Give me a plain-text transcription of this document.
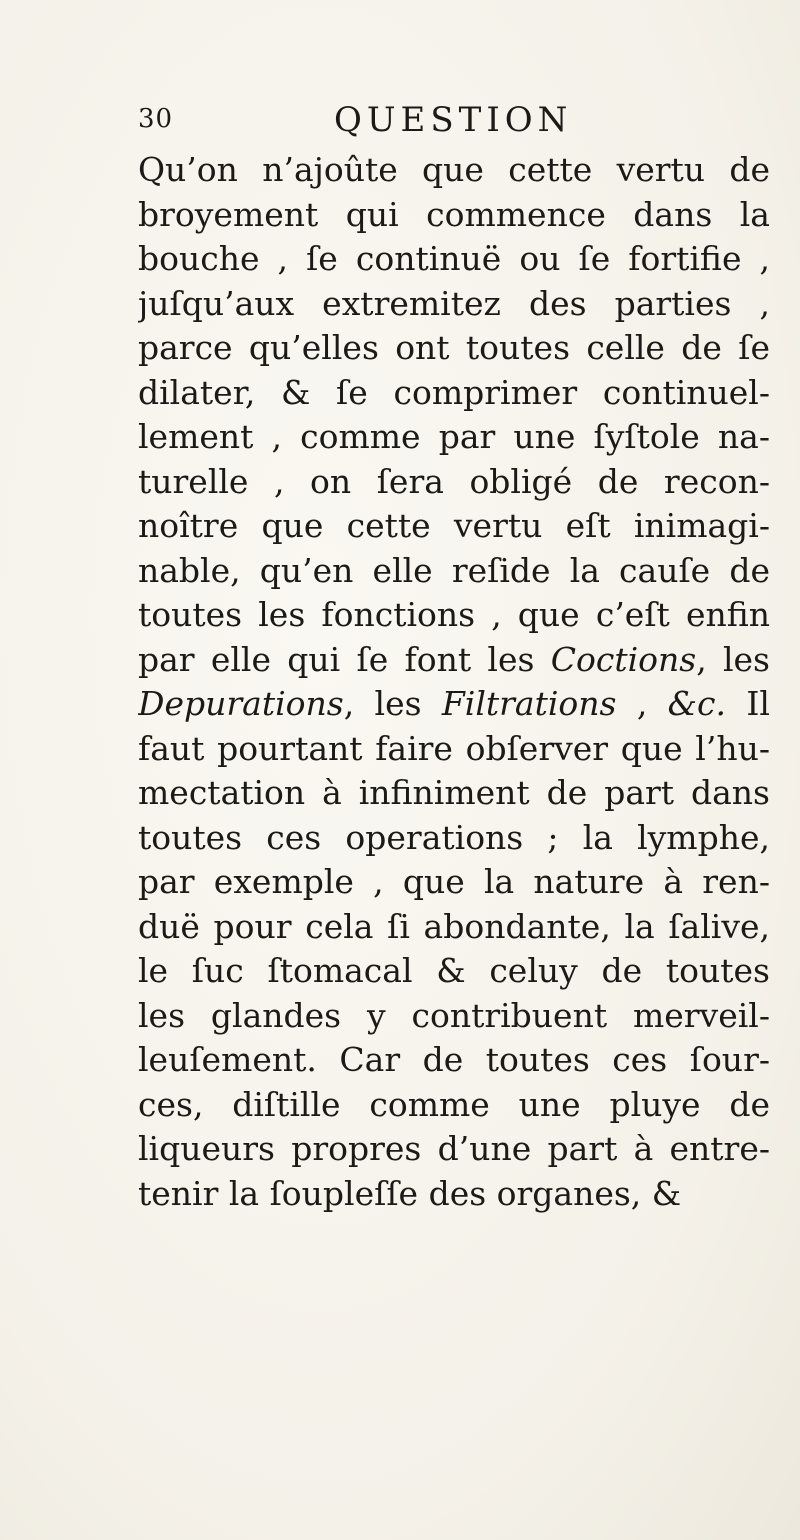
30	QUESTION
Qu’on n’ajoûte que cette vertu de
broyement qui commence dans la
bouche , ſe continuë ou ſe fortifie ,
juſqu’aux extremitez des parties ,
parce qu’elles ont toutes celle de ſe
dilater, & ſe comprimer continuel-
lement , comme par une ſyſtole na-
turelle , on ſera obligé de recon-
noître que cette vertu eſt inimagi-
nable, qu’en elle reſide la cauſe de
toutes les fonctions , que c’eſt enfin
par elle qui ſe font les Coctions, les
Depurations, les Filtrations , &c. Il
faut pourtant faire obſerver que l’hu-
mectation à infiniment de part dans
toutes ces operations ; la lymphe,
par exemple , que la nature à ren-
duë pour cela ſi abondante, la ſalive,
le ſuc ſtomacal & celuy de toutes
les glandes y contribuent merveil-
leuſement. Car de toutes ces ſour-
ces, diſtille comme une pluye de
liqueurs propres d’une part à entre-
tenir la ſoupleſſe des organes, &
